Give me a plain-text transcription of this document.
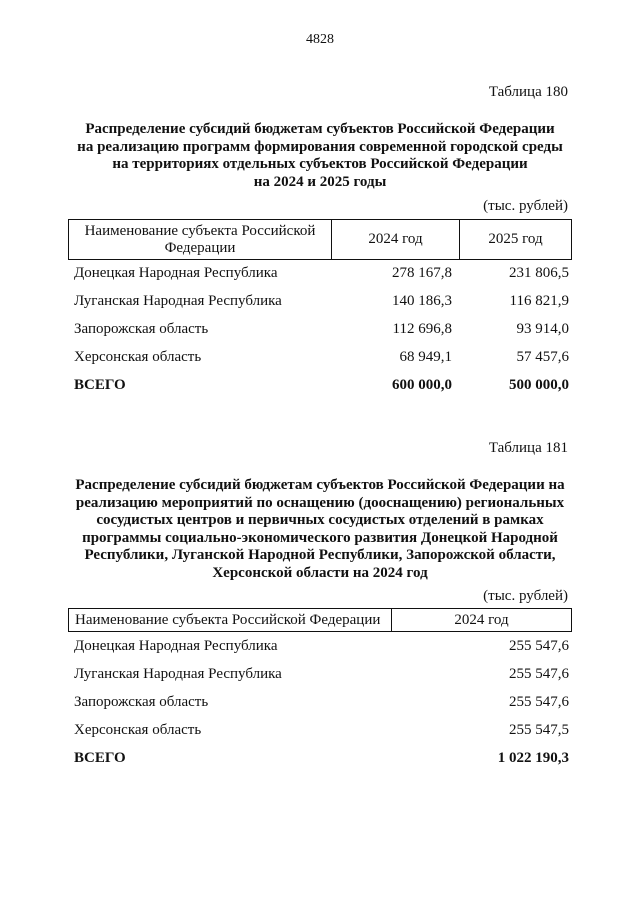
4828
Таблица 180
Распределение субсидий бюджетам субъектов Российской Федерации
на реализацию программ формирования современной городской среды
на территориях отдельных субъектов Российской Федерации
на 2024 и 2025 годы
(тыс. рублей)
Наименование субъекта Российской
Федерации
	2024 год	2025 год
Донецкая Народная Республика	278 167,8	231 806,5
Луганская Народная Республика	140 186,3	116 821,9
Запорожская область	112 696,8	93 914,0
Херсонская область	68 949,1	57 457,6
ВСЕГО	600 000,0	500 000,0
Таблица 181
Распределение субсидий бюджетам субъектов Российской Федерации на
реализацию мероприятий по оснащению (дооснащению) региональных
сосудистых центров и первичных сосудистых отделений в рамках
программы социально-экономического развития Донецкой Народной
Республики, Луганской Народной Республики, Запорожской области,
Херсонской области на 2024 год
(тыс. рублей)
Наименование субъекта Российской Федерации	2024 год
Донецкая Народная Республика	255 547,6
Луганская Народная Республика	255 547,6
Запорожская область	255 547,6
Херсонская область	255 547,5
ВСЕГО	1 022 190,3
